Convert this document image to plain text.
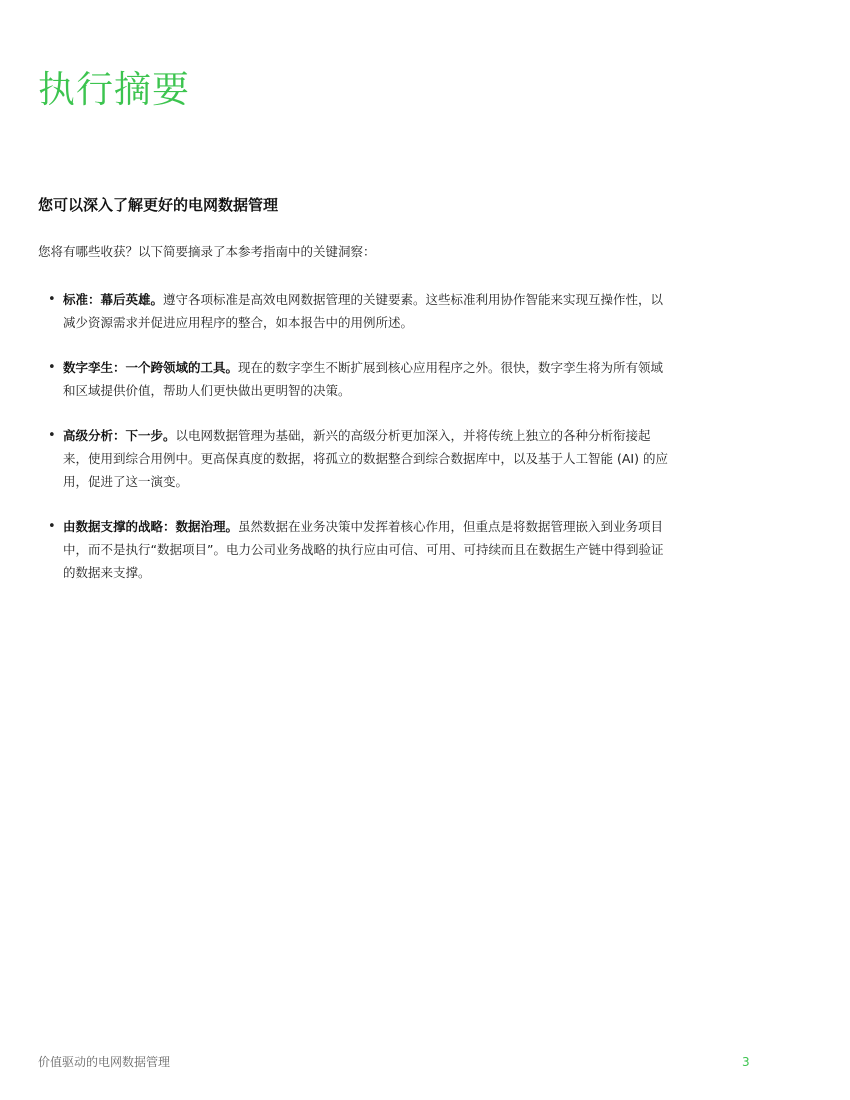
执行摘要
您可以深入了解更好的电网数据管理

您将有哪些收获？以下简要摘录了本参考指南中的关键洞察：

• 标准：幕后英雄。遵守各项标准是高效电网数据管理的关键要素。这些标准利用协作智能来实现互操作性，以减少资源需求并促进应用程序的整合，如本报告中的用例所述。
• 数字孪生：一个跨领域的工具。现在的数字孪生不断扩展到核心应用程序之外。很快，数字孪生将为所有领域和区域提供价值，帮助人们更快做出更明智的决策。
• 高级分析：下一步。以电网数据管理为基础，新兴的高级分析更加深入，并将传统上独立的各种分析衔接起来，使用到综合用例中。更高保真度的数据，将孤立的数据整合到综合数据库中，以及基于人工智能 (AI) 的应用，促进了这一演变。
• 由数据支撑的战略：数据治理。虽然数据在业务决策中发挥着核心作用，但重点是将数据管理嵌入到业务项目中，而不是执行“数据项目”。电力公司业务战略的执行应由可信、可用、可持续而且在数据生产链中得到验证的数据来支撑。

价值驱动的电网数据管理	3
